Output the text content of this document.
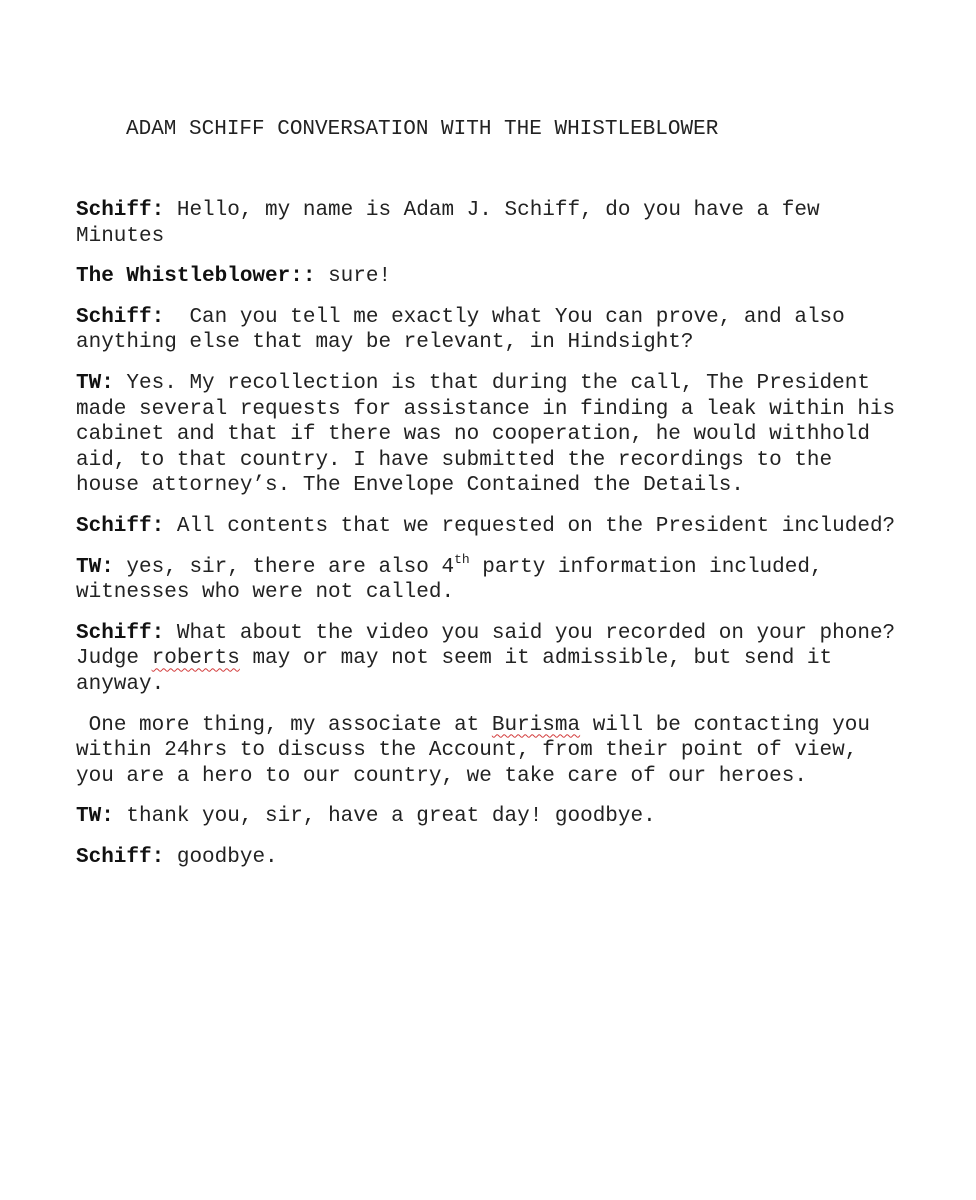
ADAM SCHIFF CONVERSATION WITH THE WHISTLEBLOWER

Schiff: Hello, my name is Adam J. Schiff, do you have a few
Minutes

The Whistleblower:: sure!

Schiff:  Can you tell me exactly what You can prove, and also
anything else that may be relevant, in Hindsight?

TW: Yes. My recollection is that during the call, The President
made several requests for assistance in finding a leak within his
cabinet and that if there was no cooperation, he would withhold
aid, to that country. I have submitted the recordings to the
house attorney’s. The Envelope Contained the Details.

Schiff: All contents that we requested on the President included?

TW: yes, sir, there are also 4th party information included,
witnesses who were not called.

Schiff: What about the video you said you recorded on your phone?
Judge roberts may or may not seem it admissible, but send it
anyway.

One more thing, my associate at Burisma will be contacting you
within 24hrs to discuss the Account, from their point of view,
you are a hero to our country, we take care of our heroes.

TW: thank you, sir, have a great day! goodbye.

Schiff: goodbye.
